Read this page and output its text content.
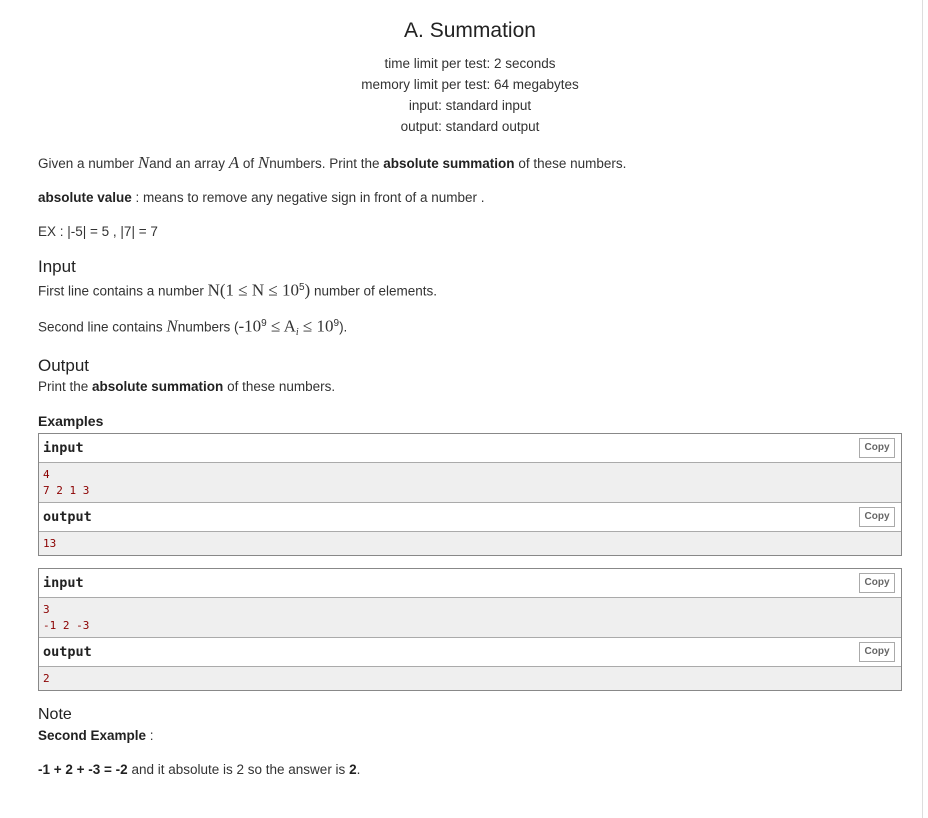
A. Summation
time limit per test: 2 seconds
memory limit per test: 64 megabytes
input: standard input
output: standard output
Given a number Nand an array A of Nnumbers. Print the absolute summation of these numbers.
absolute value : means to remove any negative sign in front of a number .
EX : |-5| = 5 , |7| = 7
Input
First line contains a number $N(1 \le N \le 10^5)$ number of elements.
Second line contains Nnumbers $(-10^9 \le A_i \le 10^9)$.
Output
Print the absolute summation of these numbers.
Examples
input	Copy
4
7 2 1 3
output	Copy
13
input	Copy
3
-1 2 -3
output	Copy
2
Note
Second Example :
-1 + 2 + -3 = -2 and it absolute is 2 so the answer is 2.
